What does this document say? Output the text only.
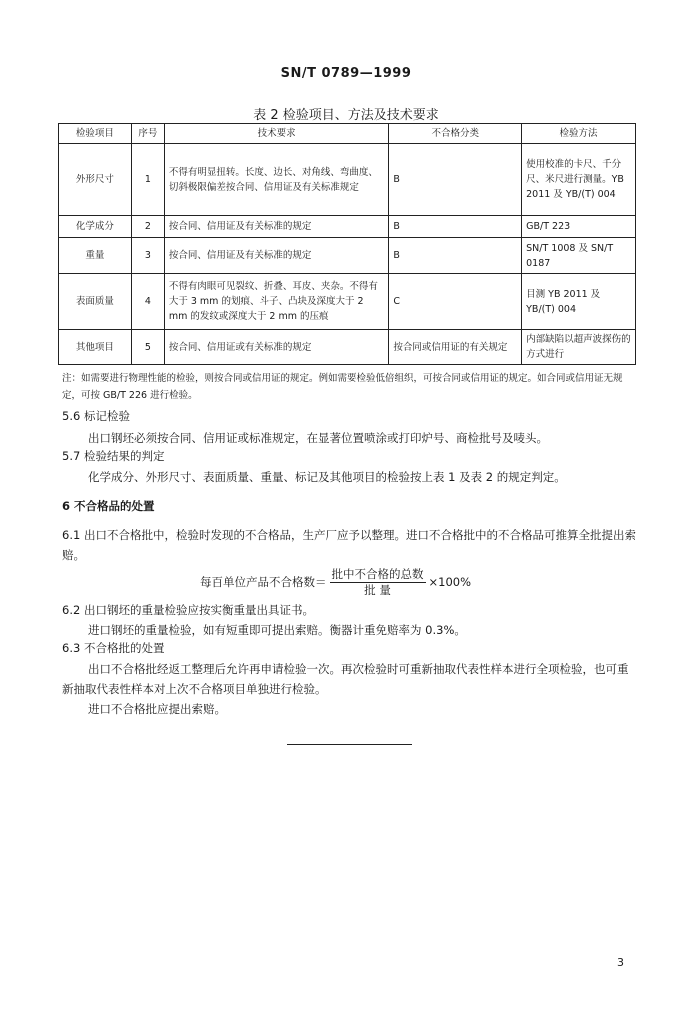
SN/T 0789—1999
表 2 检验项目、方法及技术要求
检验项目	序号	技术要求	不合格分类	检验方法
外形尺寸	1	不得有明显扭转。长度、边长、对角线、弯曲度、切斜极限偏差按合同、信用证及有关标准规定	B	使用校准的卡尺、千分尺、米尺进行测量。YB 2011 及 YB/(T) 004
化学成分	2	按合同、信用证及有关标准的规定	B	GB/T 223
重量	3	按合同、信用证及有关标准的规定	B	SN/T 1008 及 SN/T 0187
表面质量	4	不得有肉眼可见裂纹、折叠、耳皮、夹杂。不得有大于 3 mm 的划痕、斗子、凸块及深度大于 2 mm 的发纹或深度大于 2 mm 的压痕	C	目测 YB 2011 及 YB/(T) 004
其他项目	5	按合同、信用证或有关标准的规定	按合同或信用证的有关规定	内部缺陷以超声波探伤的方式进行
注：如需要进行物理性能的检验，则按合同或信用证的规定。例如需要检验低倍组织，可按合同或信用证的规定。如合同或信用证无规定，可按 GB/T 226 进行检验。
5.6 标记检验
出口钢坯必须按合同、信用证或标准规定，在显著位置喷涂或打印炉号、商检批号及唛头。
5.7 检验结果的判定
化学成分、外形尺寸、表面质量、重量、标记及其他项目的检验按上表 1 及表 2 的规定判定。
6 不合格品的处置
6.1 出口不合格批中，检验时发现的不合格品，生产厂应予以整理。进口不合格批中的不合格品可推算全批提出索赔。
每百单位产品不合格数＝ $\frac{\text{批中不合格的总数}}{\text{批 量}} \times 100\%$
6.2 出口钢坯的重量检验应按实衡重量出具证书。
进口钢坯的重量检验，如有短重即可提出索赔。衡器计重免赔率为 0.3%。
6.3 不合格批的处置
出口不合格批经返工整理后允许再申请检验一次。再次检验时可重新抽取代表性样本进行全项检验，也可重新抽取代表性样本对上次不合格项目单独进行检验。
进口不合格批应提出索赔。
3
